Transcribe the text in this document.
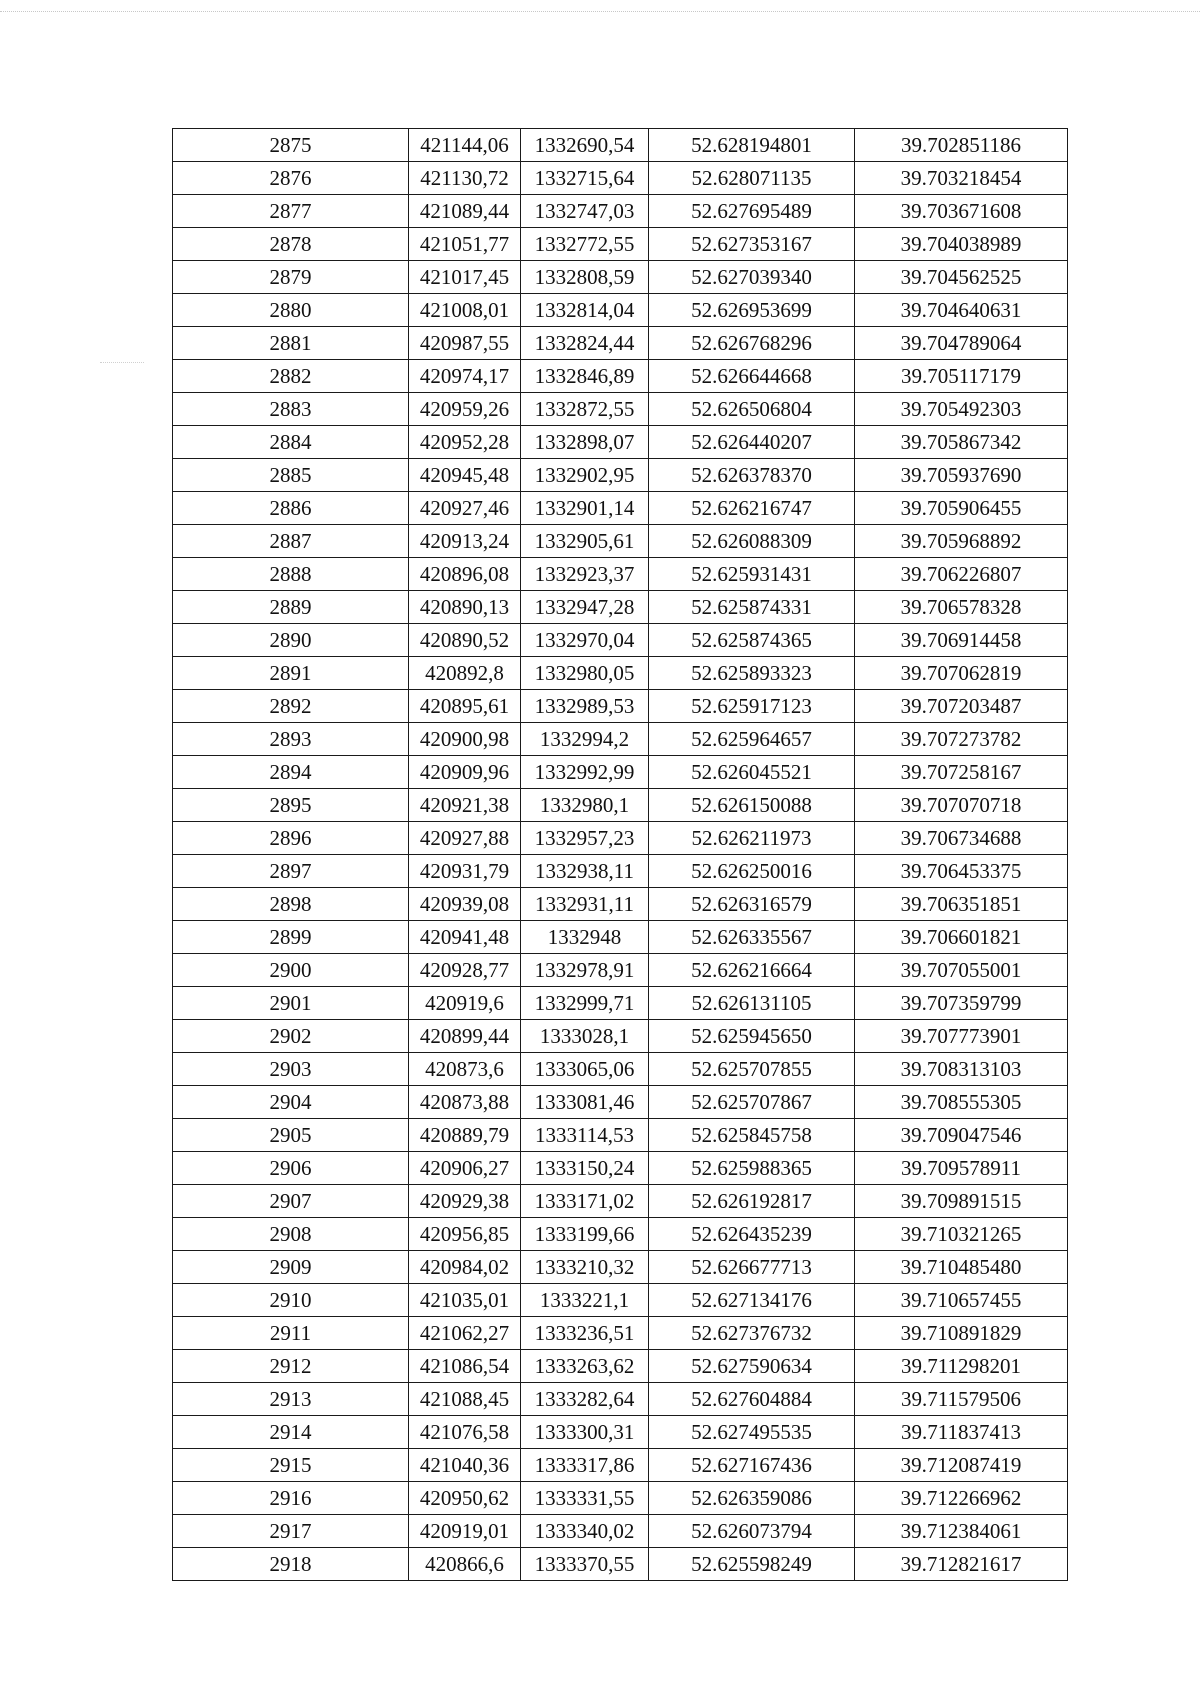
2875	421144,06	1332690,54	52.628194801	39.702851186
2876	421130,72	1332715,64	52.628071135	39.703218454
2877	421089,44	1332747,03	52.627695489	39.703671608
2878	421051,77	1332772,55	52.627353167	39.704038989
2879	421017,45	1332808,59	52.627039340	39.704562525
2880	421008,01	1332814,04	52.626953699	39.704640631
2881	420987,55	1332824,44	52.626768296	39.704789064
2882	420974,17	1332846,89	52.626644668	39.705117179
2883	420959,26	1332872,55	52.626506804	39.705492303
2884	420952,28	1332898,07	52.626440207	39.705867342
2885	420945,48	1332902,95	52.626378370	39.705937690
2886	420927,46	1332901,14	52.626216747	39.705906455
2887	420913,24	1332905,61	52.626088309	39.705968892
2888	420896,08	1332923,37	52.625931431	39.706226807
2889	420890,13	1332947,28	52.625874331	39.706578328
2890	420890,52	1332970,04	52.625874365	39.706914458
2891	420892,8	1332980,05	52.625893323	39.707062819
2892	420895,61	1332989,53	52.625917123	39.707203487
2893	420900,98	1332994,2	52.625964657	39.707273782
2894	420909,96	1332992,99	52.626045521	39.707258167
2895	420921,38	1332980,1	52.626150088	39.707070718
2896	420927,88	1332957,23	52.626211973	39.706734688
2897	420931,79	1332938,11	52.626250016	39.706453375
2898	420939,08	1332931,11	52.626316579	39.706351851
2899	420941,48	1332948	52.626335567	39.706601821
2900	420928,77	1332978,91	52.626216664	39.707055001
2901	420919,6	1332999,71	52.626131105	39.707359799
2902	420899,44	1333028,1	52.625945650	39.707773901
2903	420873,6	1333065,06	52.625707855	39.708313103
2904	420873,88	1333081,46	52.625707867	39.708555305
2905	420889,79	1333114,53	52.625845758	39.709047546
2906	420906,27	1333150,24	52.625988365	39.709578911
2907	420929,38	1333171,02	52.626192817	39.709891515
2908	420956,85	1333199,66	52.626435239	39.710321265
2909	420984,02	1333210,32	52.626677713	39.710485480
2910	421035,01	1333221,1	52.627134176	39.710657455
2911	421062,27	1333236,51	52.627376732	39.710891829
2912	421086,54	1333263,62	52.627590634	39.711298201
2913	421088,45	1333282,64	52.627604884	39.711579506
2914	421076,58	1333300,31	52.627495535	39.711837413
2915	421040,36	1333317,86	52.627167436	39.712087419
2916	420950,62	1333331,55	52.626359086	39.712266962
2917	420919,01	1333340,02	52.626073794	39.712384061
2918	420866,6	1333370,55	52.625598249	39.712821617
